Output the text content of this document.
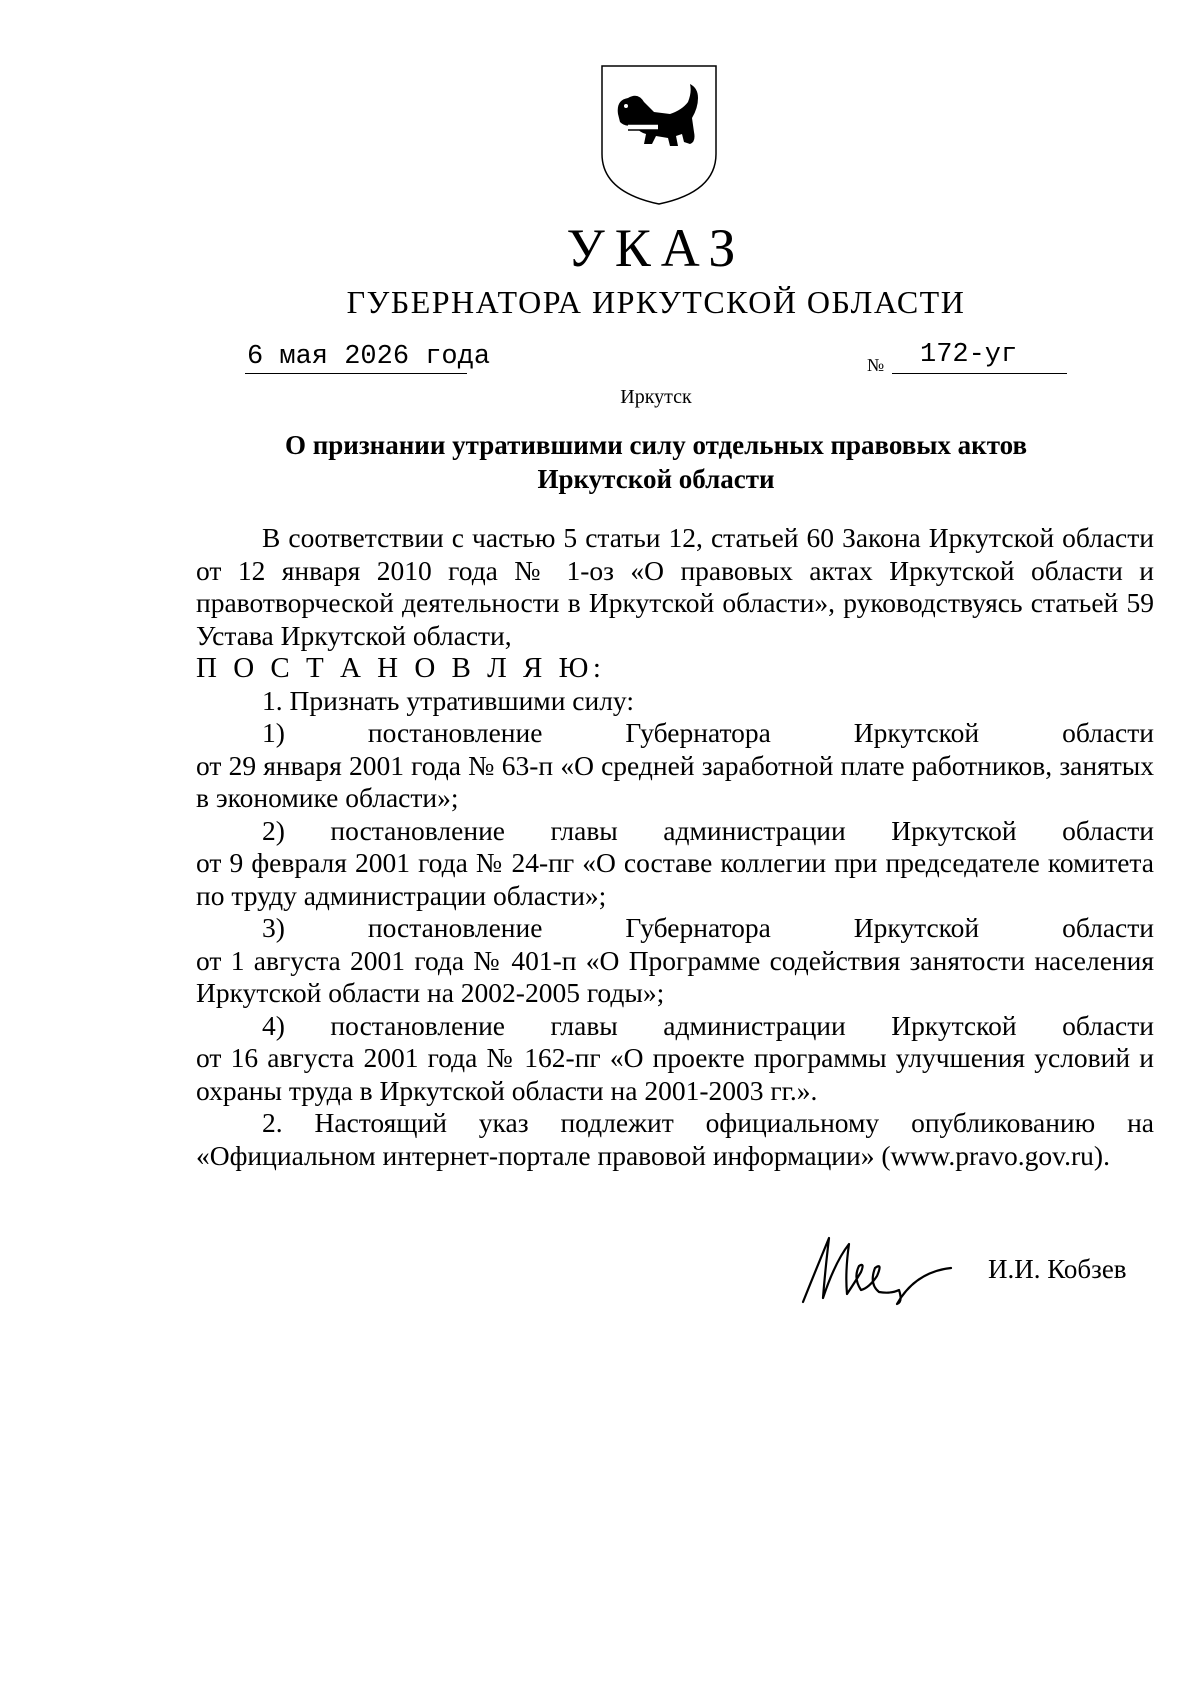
УКАЗ
ГУБЕРНАТОРА ИРКУТСКОЙ ОБЛАСТИ
6 мая 2026 года	№ 172-уг
Иркутск
О признании утратившими силу отдельных правовых актов
Иркутской области

В соответствии с частью 5 статьи 12, статьей 60 Закона Иркутской области от 12 января 2010 года № 1-оз «О правовых актах Иркутской области и правотворческой деятельности в Иркутской области», руководствуясь статьей 59 Устава Иркутской области,

П О С Т А Н О В Л Я Ю:

1. Признать утратившими силу:

1) постановление Губернатора Иркутской области

от 29 января 2001 года № 63-п «О средней заработной плате работников, занятых в экономике области»;

2) постановление главы администрации Иркутской области

от 9 февраля 2001 года № 24-пг «О составе коллегии при председателе комитета по труду администрации области»;

3) постановление Губернатора Иркутской области

от 1 августа 2001 года № 401-п «О Программе содействия занятости населения Иркутской области на 2002-2005 годы»;

4) постановление главы администрации Иркутской области

от 16 августа 2001 года № 162-пг «О проекте программы улучшения условий и охраны труда в Иркутской области на 2001-2003 гг.».

2. Настоящий указ подлежит официальному опубликованию на «Официальном интернет-портале правовой информации» (www.pravo.gov.ru).

И.И. Кобзев
